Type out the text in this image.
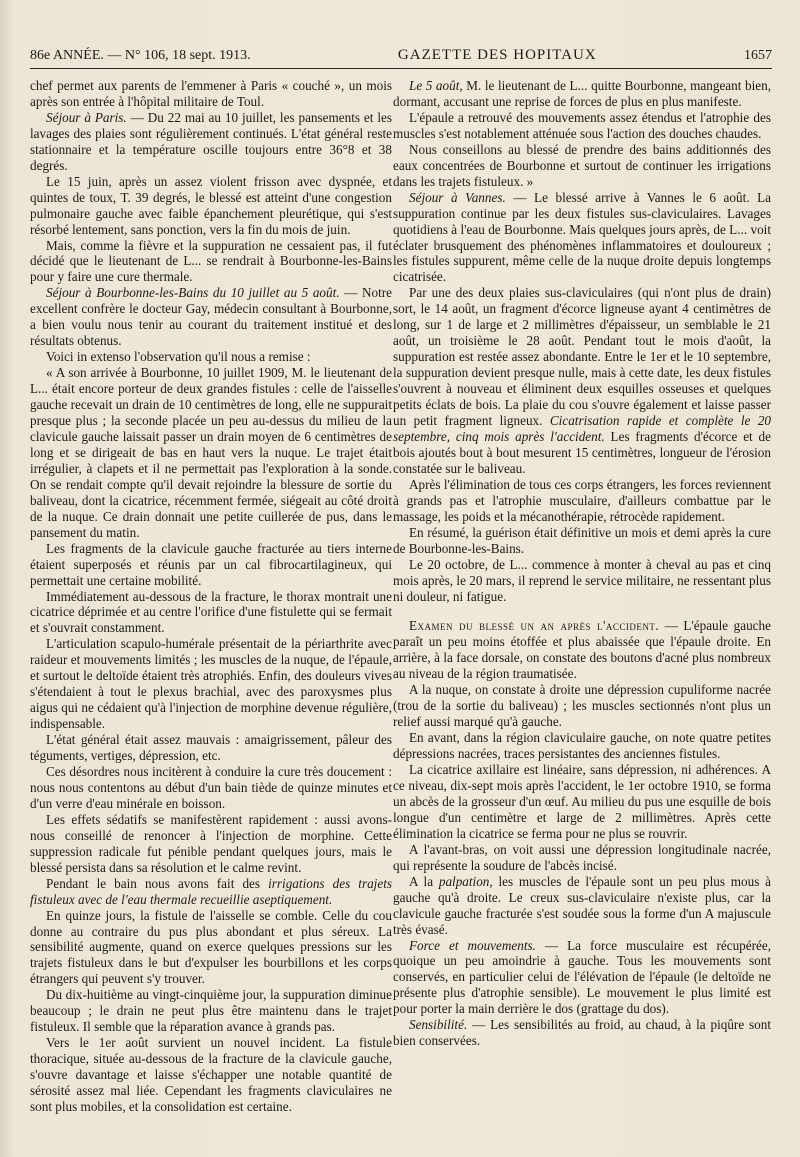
86e ANNÉE. — N° 106, 18 sept. 1913.	GAZETTE DES HOPITAUX	1657

chef permet aux parents de l'emmener à Paris « couché », un mois après son entrée à l'hôpital militaire de Toul.

Séjour à Paris. — Du 22 mai au 10 juillet, les pansements et les lavages des plaies sont régulièrement continués. L'état général reste stationnaire et la température oscille toujours entre 36°8 et 38 degrés.

Le 15 juin, après un assez violent frisson avec dyspnée, et quintes de toux, T. 39 degrés, le blessé est atteint d'une congestion pulmonaire gauche avec faible épanchement pleurétique, qui s'est résorbé lentement, sans ponction, vers la fin du mois de juin.

Mais, comme la fièvre et la suppuration ne cessaient pas, il fut décidé que le lieutenant de L... se rendrait à Bourbonne-les-Bains pour y faire une cure thermale.

Séjour à Bourbonne-les-Bains du 10 juillet au 5 août. — Notre excellent confrère le docteur Gay, médecin consultant à Bourbonne, a bien voulu nous tenir au courant du traitement institué et des résultats obtenus.

Voici in extenso l'observation qu'il nous a remise :

« A son arrivée à Bourbonne, 10 juillet 1909, M. le lieutenant de L... était encore porteur de deux grandes fistules : celle de l'aisselle gauche recevait un drain de 10 centimètres de long, elle ne suppurait presque plus ; la seconde placée un peu au-dessus du milieu de la clavicule gauche laissait passer un drain moyen de 6 centimètres de long et se dirigeait de bas en haut vers la nuque. Le trajet était irrégulier, à clapets et il ne permettait pas l'exploration à la sonde. On se rendait compte qu'il devait rejoindre la blessure de sortie du baliveau, dont la cicatrice, récemment fermée, siégeait au côté droit de la nuque. Ce drain donnait une petite cuillerée de pus, dans le pansement du matin.

Les fragments de la clavicule gauche fracturée au tiers interne étaient superposés et réunis par un cal fibrocartilagineux, qui permettait une certaine mobilité.

Immédiatement au-dessous de la fracture, le thorax montrait une cicatrice déprimée et au centre l'orifice d'une fistulette qui se fermait et s'ouvrait constamment.

L'articulation scapulo-humérale présentait de la périarthrite avec raideur et mouvements limités ; les muscles de la nuque, de l'épaule, et surtout le deltoïde étaient très atrophiés. Enfin, des douleurs vives s'étendaient à tout le plexus brachial, avec des paroxysmes plus aigus qui ne cédaient qu'à l'injection de morphine devenue régulière, indispensable.

L'état général était assez mauvais : amaigrissement, pâleur des téguments, vertiges, dépression, etc.

Ces désordres nous incitèrent à conduire la cure très doucement : nous nous contentons au début d'un bain tiède de quinze minutes et d'un verre d'eau minérale en boisson.

Les effets sédatifs se manifestèrent rapidement : aussi avons-nous conseillé de renoncer à l'injection de morphine. Cette suppression radicale fut pénible pendant quelques jours, mais le blessé persista dans sa résolution et le calme revint.

Pendant le bain nous avons fait des irrigations des trajets fistuleux avec de l'eau thermale recueillie aseptiquement.

En quinze jours, la fistule de l'aisselle se comble. Celle du cou donne au contraire du pus plus abondant et plus séreux. La sensibilité augmente, quand on exerce quelques pressions sur les trajets fistuleux dans le but d'expulser les bourbillons et les corps étrangers qui peuvent s'y trouver.

Du dix-huitième au vingt-cinquième jour, la suppuration diminue beaucoup ; le drain ne peut plus être maintenu dans le trajet fistuleux. Il semble que la réparation avance à grands pas.

Vers le 1er août survient un nouvel incident. La fistule thoracique, située au-dessous de la fracture de la clavicule gauche, s'ouvre davantage et laisse s'échapper une notable quantité de sérosité assez mal liée. Cependant les fragments claviculaires ne sont plus mobiles, et la consolidation est certaine.

Le 5 août, M. le lieutenant de L... quitte Bourbonne, mangeant bien, dormant, accusant une reprise de forces de plus en plus manifeste.

L'épaule a retrouvé des mouvements assez étendus et l'atrophie des muscles s'est notablement atténuée sous l'action des douches chaudes.

Nous conseillons au blessé de prendre des bains additionnés des eaux concentrées de Bourbonne et surtout de continuer les irrigations dans les trajets fistuleux. »

Séjour à Vannes. — Le blessé arrive à Vannes le 6 août. La suppuration continue par les deux fistules sus-claviculaires. Lavages quotidiens à l'eau de Bourbonne. Mais quelques jours après, de L... voit éclater brusquement des phénomènes inflammatoires et douloureux ; les fistules suppurent, même celle de la nuque droite depuis longtemps cicatrisée.

Par une des deux plaies sus-claviculaires (qui n'ont plus de drain) sort, le 14 août, un fragment d'écorce ligneuse ayant 4 centimètres de long, sur 1 de large et 2 millimètres d'épaisseur, un semblable le 21 août, un troisième le 28 août. Pendant tout le mois d'août, la suppuration est restée assez abondante. Entre le 1er et le 10 septembre, la suppuration devient presque nulle, mais à cette date, les deux fistules s'ouvrent à nouveau et éliminent deux esquilles osseuses et quelques petits éclats de bois. La plaie du cou s'ouvre également et laisse passer un petit fragment ligneux. Cicatrisation rapide et complète le 20 septembre, cinq mois après l'accident. Les fragments d'écorce et de bois ajoutés bout à bout mesurent 15 centimètres, longueur de l'érosion constatée sur le baliveau.

Après l'élimination de tous ces corps étrangers, les forces reviennent à grands pas et l'atrophie musculaire, d'ailleurs combattue par le massage, les poids et la mécanothérapie, rétrocède rapidement.

En résumé, la guérison était définitive un mois et demi après la cure de Bourbonne-les-Bains.

Le 20 octobre, de L... commence à monter à cheval au pas et cinq mois après, le 20 mars, il reprend le service militaire, ne ressentant plus ni douleur, ni fatigue.

Examen du blessé un an après l'accident. — L'épaule gauche paraît un peu moins étoffée et plus abaissée que l'épaule droite. En arrière, à la face dorsale, on constate des boutons d'acné plus nombreux au niveau de la région traumatisée.

A la nuque, on constate à droite une dépression cupuliforme nacrée (trou de la sortie du baliveau) ; les muscles sectionnés n'ont plus un relief aussi marqué qu'à gauche.

En avant, dans la région claviculaire gauche, on note quatre petites dépressions nacrées, traces persistantes des anciennes fistules.

La cicatrice axillaire est linéaire, sans dépression, ni adhérences. A ce niveau, dix-sept mois après l'accident, le 1er octobre 1910, se forma un abcès de la grosseur d'un œuf. Au milieu du pus une esquille de bois longue d'un centimètre et large de 2 millimètres. Après cette élimination la cicatrice se ferma pour ne plus se rouvrir.

A l'avant-bras, on voit aussi une dépression longitudinale nacrée, qui représente la soudure de l'abcès incisé.

A la palpation, les muscles de l'épaule sont un peu plus mous à gauche qu'à droite. Le creux sus-claviculaire n'existe plus, car la clavicule gauche fracturée s'est soudée sous la forme d'un A majuscule très évasé.

Force et mouvements. — La force musculaire est récupérée, quoique un peu amoindrie à gauche. Tous les mouvements sont conservés, en particulier celui de l'élévation de l'épaule (le deltoïde ne présente plus d'atrophie sensible). Le mouvement le plus limité est pour porter la main derrière le dos (grattage du dos).

Sensibilité. — Les sensibilités au froid, au chaud, à la piqûre sont bien conservées.
